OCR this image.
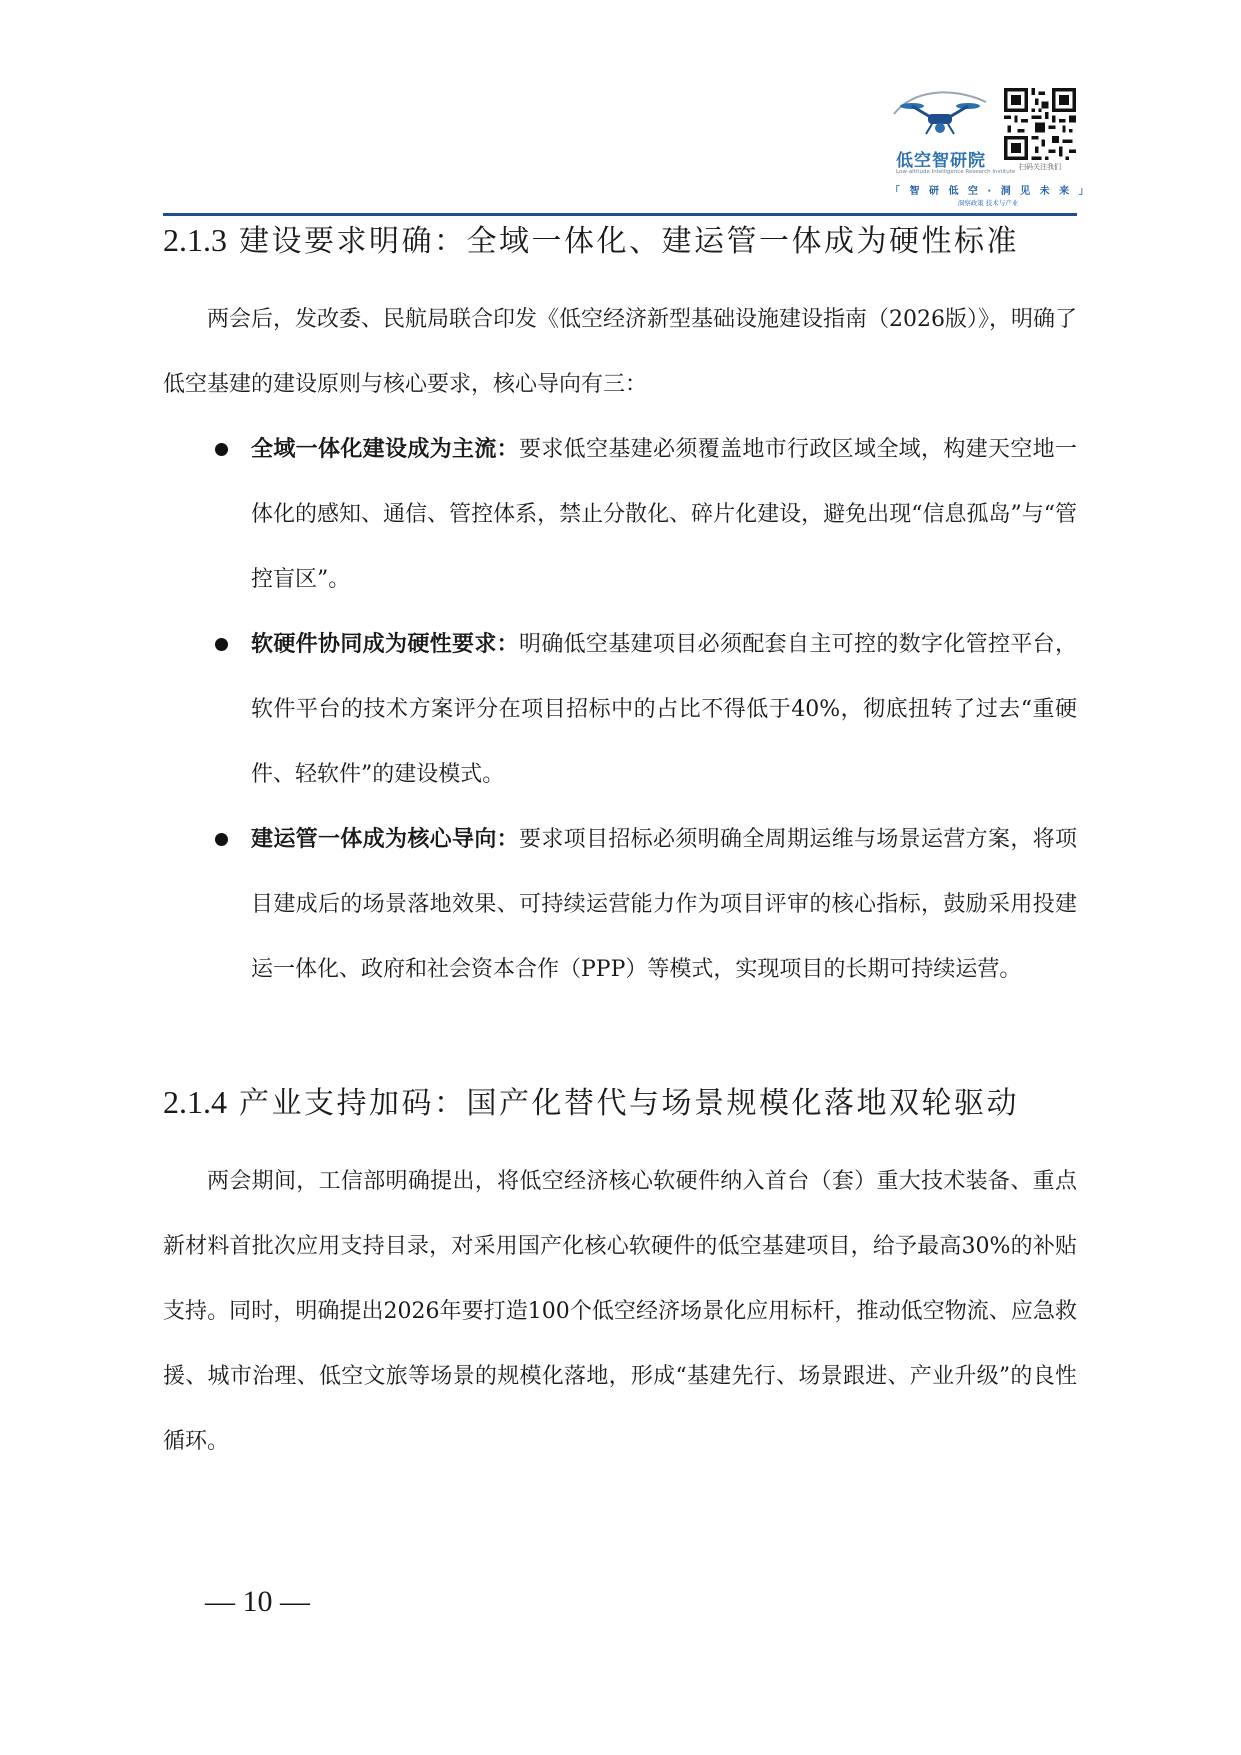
低空智研院
Low-altitude Intelligence Research Institute
扫码关注我们
「 智 研 低 空 · 洞 见 未 来 」
洞察政策 技术与产业
2.1.3 建设要求明确：全域一体化、建运管一体成为硬性标准

两会后，发改委、民航局联合印发《低空经济新型基础设施建设指南（2026版）》，明确了低空基建的建设原则与核心要求，核心导向有三：

全域一体化建设成为主流：要求低空基建必须覆盖地市行政区域全域，构建天空地一体化的感知、通信、管控体系，禁止分散化、碎片化建设，避免出现“信息孤岛”与“管控盲区”。

软硬件协同成为硬性要求：明确低空基建项目必须配套自主可控的数字化管控平台，软件平台的技术方案评分在项目招标中的占比不得低于40%，彻底扭转了过去“重硬件、轻软件”的建设模式。

建运管一体成为核心导向：要求项目招标必须明确全周期运维与场景运营方案，将项目建成后的场景落地效果、可持续运营能力作为项目评审的核心指标，鼓励采用投建运一体化、政府和社会资本合作（PPP）等模式，实现项目的长期可持续运营。

2.1.4 产业支持加码：国产化替代与场景规模化落地双轮驱动

两会期间，工信部明确提出，将低空经济核心软硬件纳入首台（套）重大技术装备、重点新材料首批次应用支持目录，对采用国产化核心软硬件的低空基建项目，给予最高30%的补贴支持。同时，明确提出2026年要打造100个低空经济场景化应用标杆，推动低空物流、应急救援、城市治理、低空文旅等场景的规模化落地，形成“基建先行、场景跟进、产业升级”的良性循环。

— 10 —
